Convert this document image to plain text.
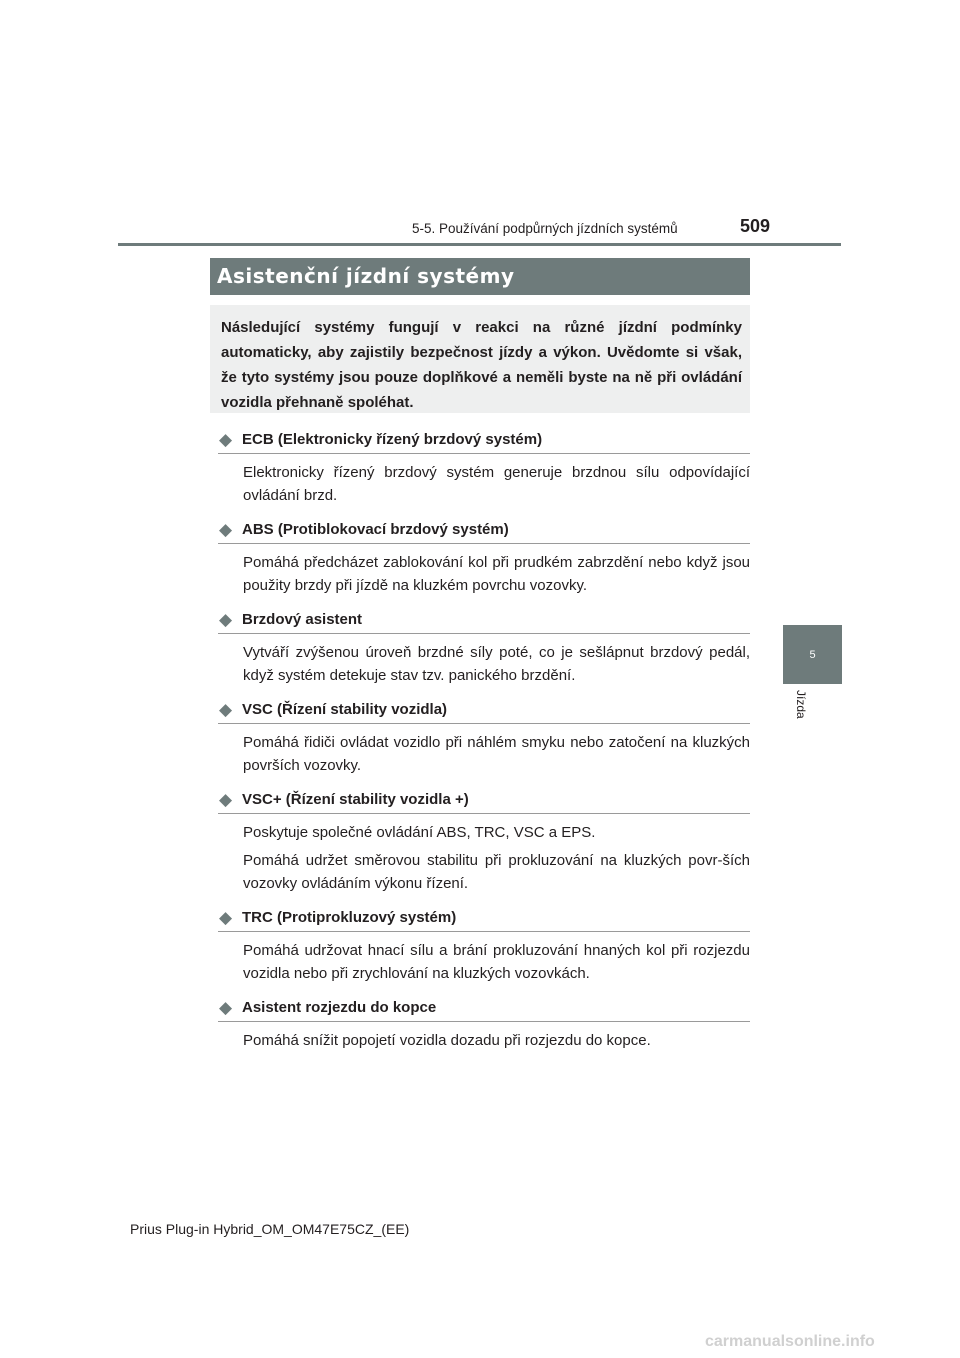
5-5. Používání podpůrných jízdních systémů	509
5
Jízda
Asistenční jízdní systémy
Následující systémy fungují v reakci na různé jízdní podmínky automaticky, aby zajistily bezpečnost jízdy a výkon. Uvědomte si však, že tyto systémy jsou pouze doplňkové a neměli byste na ně při ovládání vozidla přehnaně spoléhat.
◆ ECB (Elektronicky řízený brzdový systém)

Elektronicky řízený brzdový systém generuje brzdnou sílu odpovídající ovládání brzd.

◆ ABS (Protiblokovací brzdový systém)

Pomáhá předcházet zablokování kol při prudkém zabrzdění nebo když jsou použity brzdy při jízdě na kluzkém povrchu vozovky.

◆ Brzdový asistent

Vytváří zvýšenou úroveň brzdné síly poté, co je sešlápnut brzdový pedál, když systém detekuje stav tzv. panického brzdění.

◆ VSC (Řízení stability vozidla)

Pomáhá řidiči ovládat vozidlo při náhlém smyku nebo zatočení na kluzkých površích vozovky.

◆ VSC+ (Řízení stability vozidla +)

Poskytuje společné ovládání ABS, TRC, VSC a EPS.

Pomáhá udržet směrovou stabilitu při prokluzování na kluzkých povr-ších vozovky ovládáním výkonu řízení.

◆ TRC (Protiprokluzový systém)

Pomáhá udržovat hnací sílu a brání prokluzování hnaných kol při rozjezdu vozidla nebo při zrychlování na kluzkých vozovkách.

◆ Asistent rozjezdu do kopce

Pomáhá snížit popojetí vozidla dozadu při rozjezdu do kopce.

Prius Plug-in Hybrid_OM_OM47E75CZ_(EE)
carmanualsonline.info
